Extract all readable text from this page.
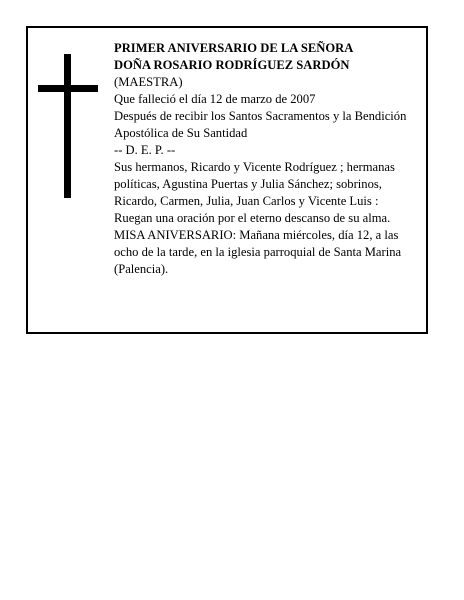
PRIMER ANIVERSARIO DE LA SEÑORA
DOÑA ROSARIO RODRÍGUEZ SARDÓN
(MAESTRA)
Que falleció el día 12 de marzo de 2007
Después de recibir los Santos Sacramentos y la Bendición Apostólica de Su Santidad
-- D. E. P. --
Sus hermanos, Ricardo y Vicente Rodríguez ; hermanas políticas, Agustina Puertas y Julia Sánchez; sobrinos, Ricardo, Carmen, Julia, Juan Carlos y Vicente Luis :
Ruegan una oración por el eterno descanso de su alma.
MISA ANIVERSARIO: Mañana miércoles, día 12, a las ocho de la tarde, en la iglesia parroquial de Santa Marina (Palencia).
